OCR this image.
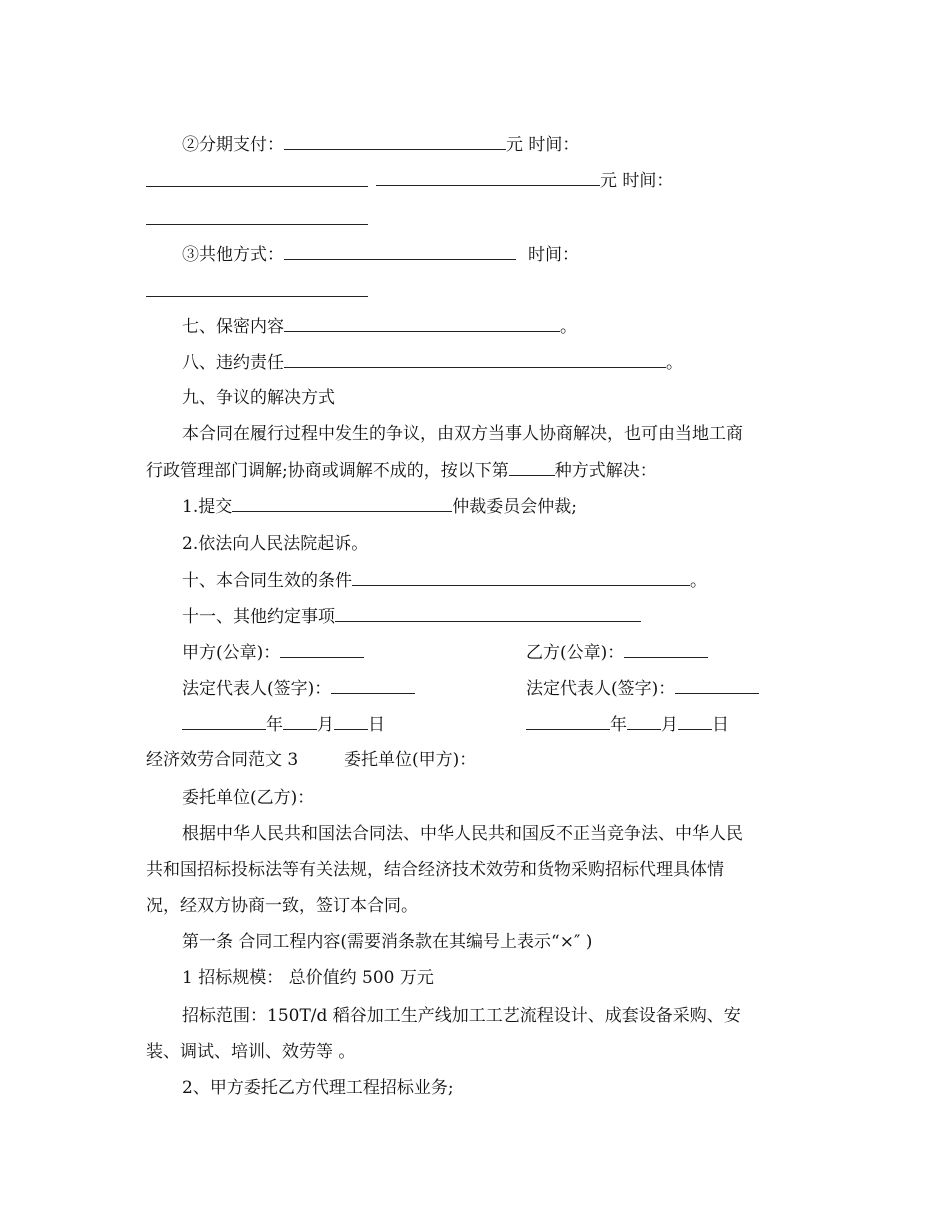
②分期支付：	元 时间：
元 时间：
③共他方式：	时间：
七、保密内容	。
八、违约责任	。
九、争议的解决方式
本合同在履行过程中发生的争议，由双方当事人协商解决，也可由当地工商
行政管理部门调解;协商或调解不成的，按以下第	种方式解决：
1.提交	仲裁委员会仲裁;
2.依法向人民法院起诉。
十、本合同生效的条件	。
十一、其他约定事项
甲方(公章)：	乙方(公章)：
法定代表人(签字)：	法定代表人(签字)：
年 月 日	年 月 日
经济效劳合同范文 3	委托单位(甲方)：
委托单位(乙方)：
根据中华人民共和国法合同法、中华人民共和国反不正当竞争法、中华人民
共和国招标投标法等有关法规，结合经济技术效劳和货物采购招标代理具体情
况，经双方协商一致，签订本合同。
第一条 合同工程内容(需要消条款在其编号上表示“×″ )
1 招标规模： 总价值约 500 万元
招标范围：150T/d 稻谷加工生产线加工工艺流程设计、成套设备采购、安
装、调试、培训、效劳等 。
2、甲方委托乙方代理工程招标业务;
